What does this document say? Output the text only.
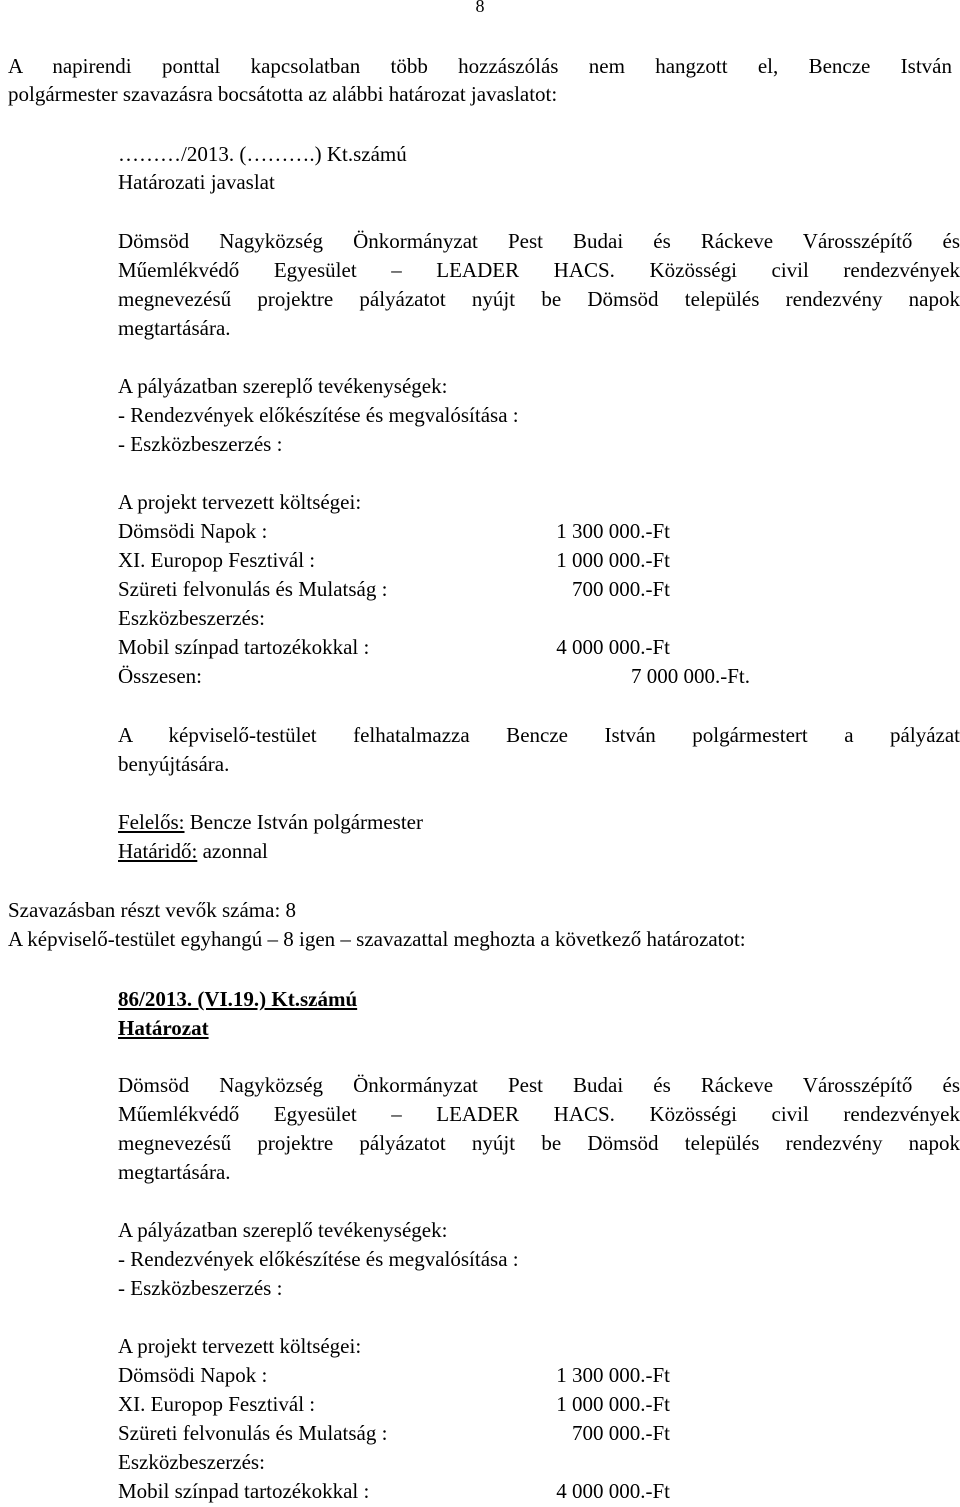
8
A napirendi ponttal kapcsolatban több hozzászólás nem hangzott el, Bencze István
polgármester szavazásra bocsátotta az alábbi határozat javaslatot:
………/2013. (……….) Kt.számú
Határozati javaslat
Dömsöd Nagyközség Önkormányzat Pest Budai és Ráckeve Városszépítő és
Műemlékvédő Egyesület – LEADER HACS. Közösségi civil rendezvények
megnevezésű projektre pályázatot nyújt be Dömsöd település rendezvény napok
megtartására.
A pályázatban szereplő tevékenységek:
- Rendezvények előkészítése és megvalósítása :
- Eszközbeszerzés :
A projekt tervezett költségei:
Dömsödi Napok :	1 300 000.-Ft
XI. Europop Fesztivál :	1 000 000.-Ft
Szüreti felvonulás és Mulatság :	700 000.-Ft
Eszközbeszerzés:
Mobil színpad tartozékokkal :	4 000 000.-Ft
Összesen:	7 000 000.-Ft.
A képviselő-testület felhatalmazza Bencze István polgármestert a pályázat
benyújtására.
Felelős: Bencze István polgármester
Határidő: azonnal
Szavazásban részt vevők száma: 8
A képviselő-testület egyhangú – 8 igen – szavazattal meghozta a következő határozatot:
86/2013. (VI.19.) Kt.számú
Határozat
Dömsöd Nagyközség Önkormányzat Pest Budai és Ráckeve Városszépítő és
Műemlékvédő Egyesület – LEADER HACS. Közösségi civil rendezvények
megnevezésű projektre pályázatot nyújt be Dömsöd település rendezvény napok
megtartására.
A pályázatban szereplő tevékenységek:
- Rendezvények előkészítése és megvalósítása :
- Eszközbeszerzés :
A projekt tervezett költségei:
Dömsödi Napok :	1 300 000.-Ft
XI. Europop Fesztivál :	1 000 000.-Ft
Szüreti felvonulás és Mulatság :	700 000.-Ft
Eszközbeszerzés:
Mobil színpad tartozékokkal :	4 000 000.-Ft
